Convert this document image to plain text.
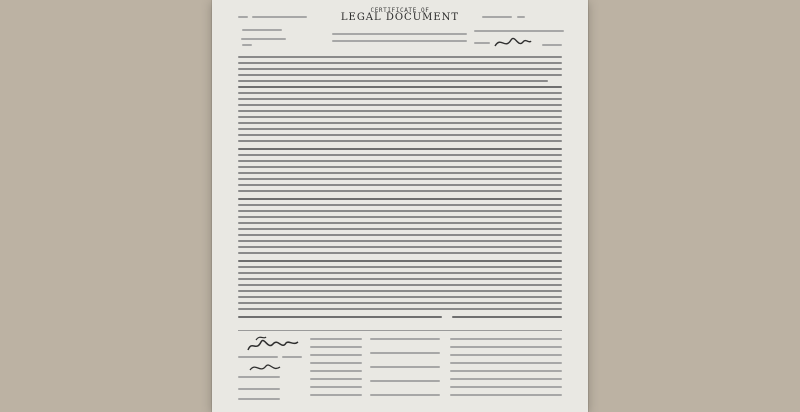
CERTIFICATE OF
LEGAL DOCUMENT
